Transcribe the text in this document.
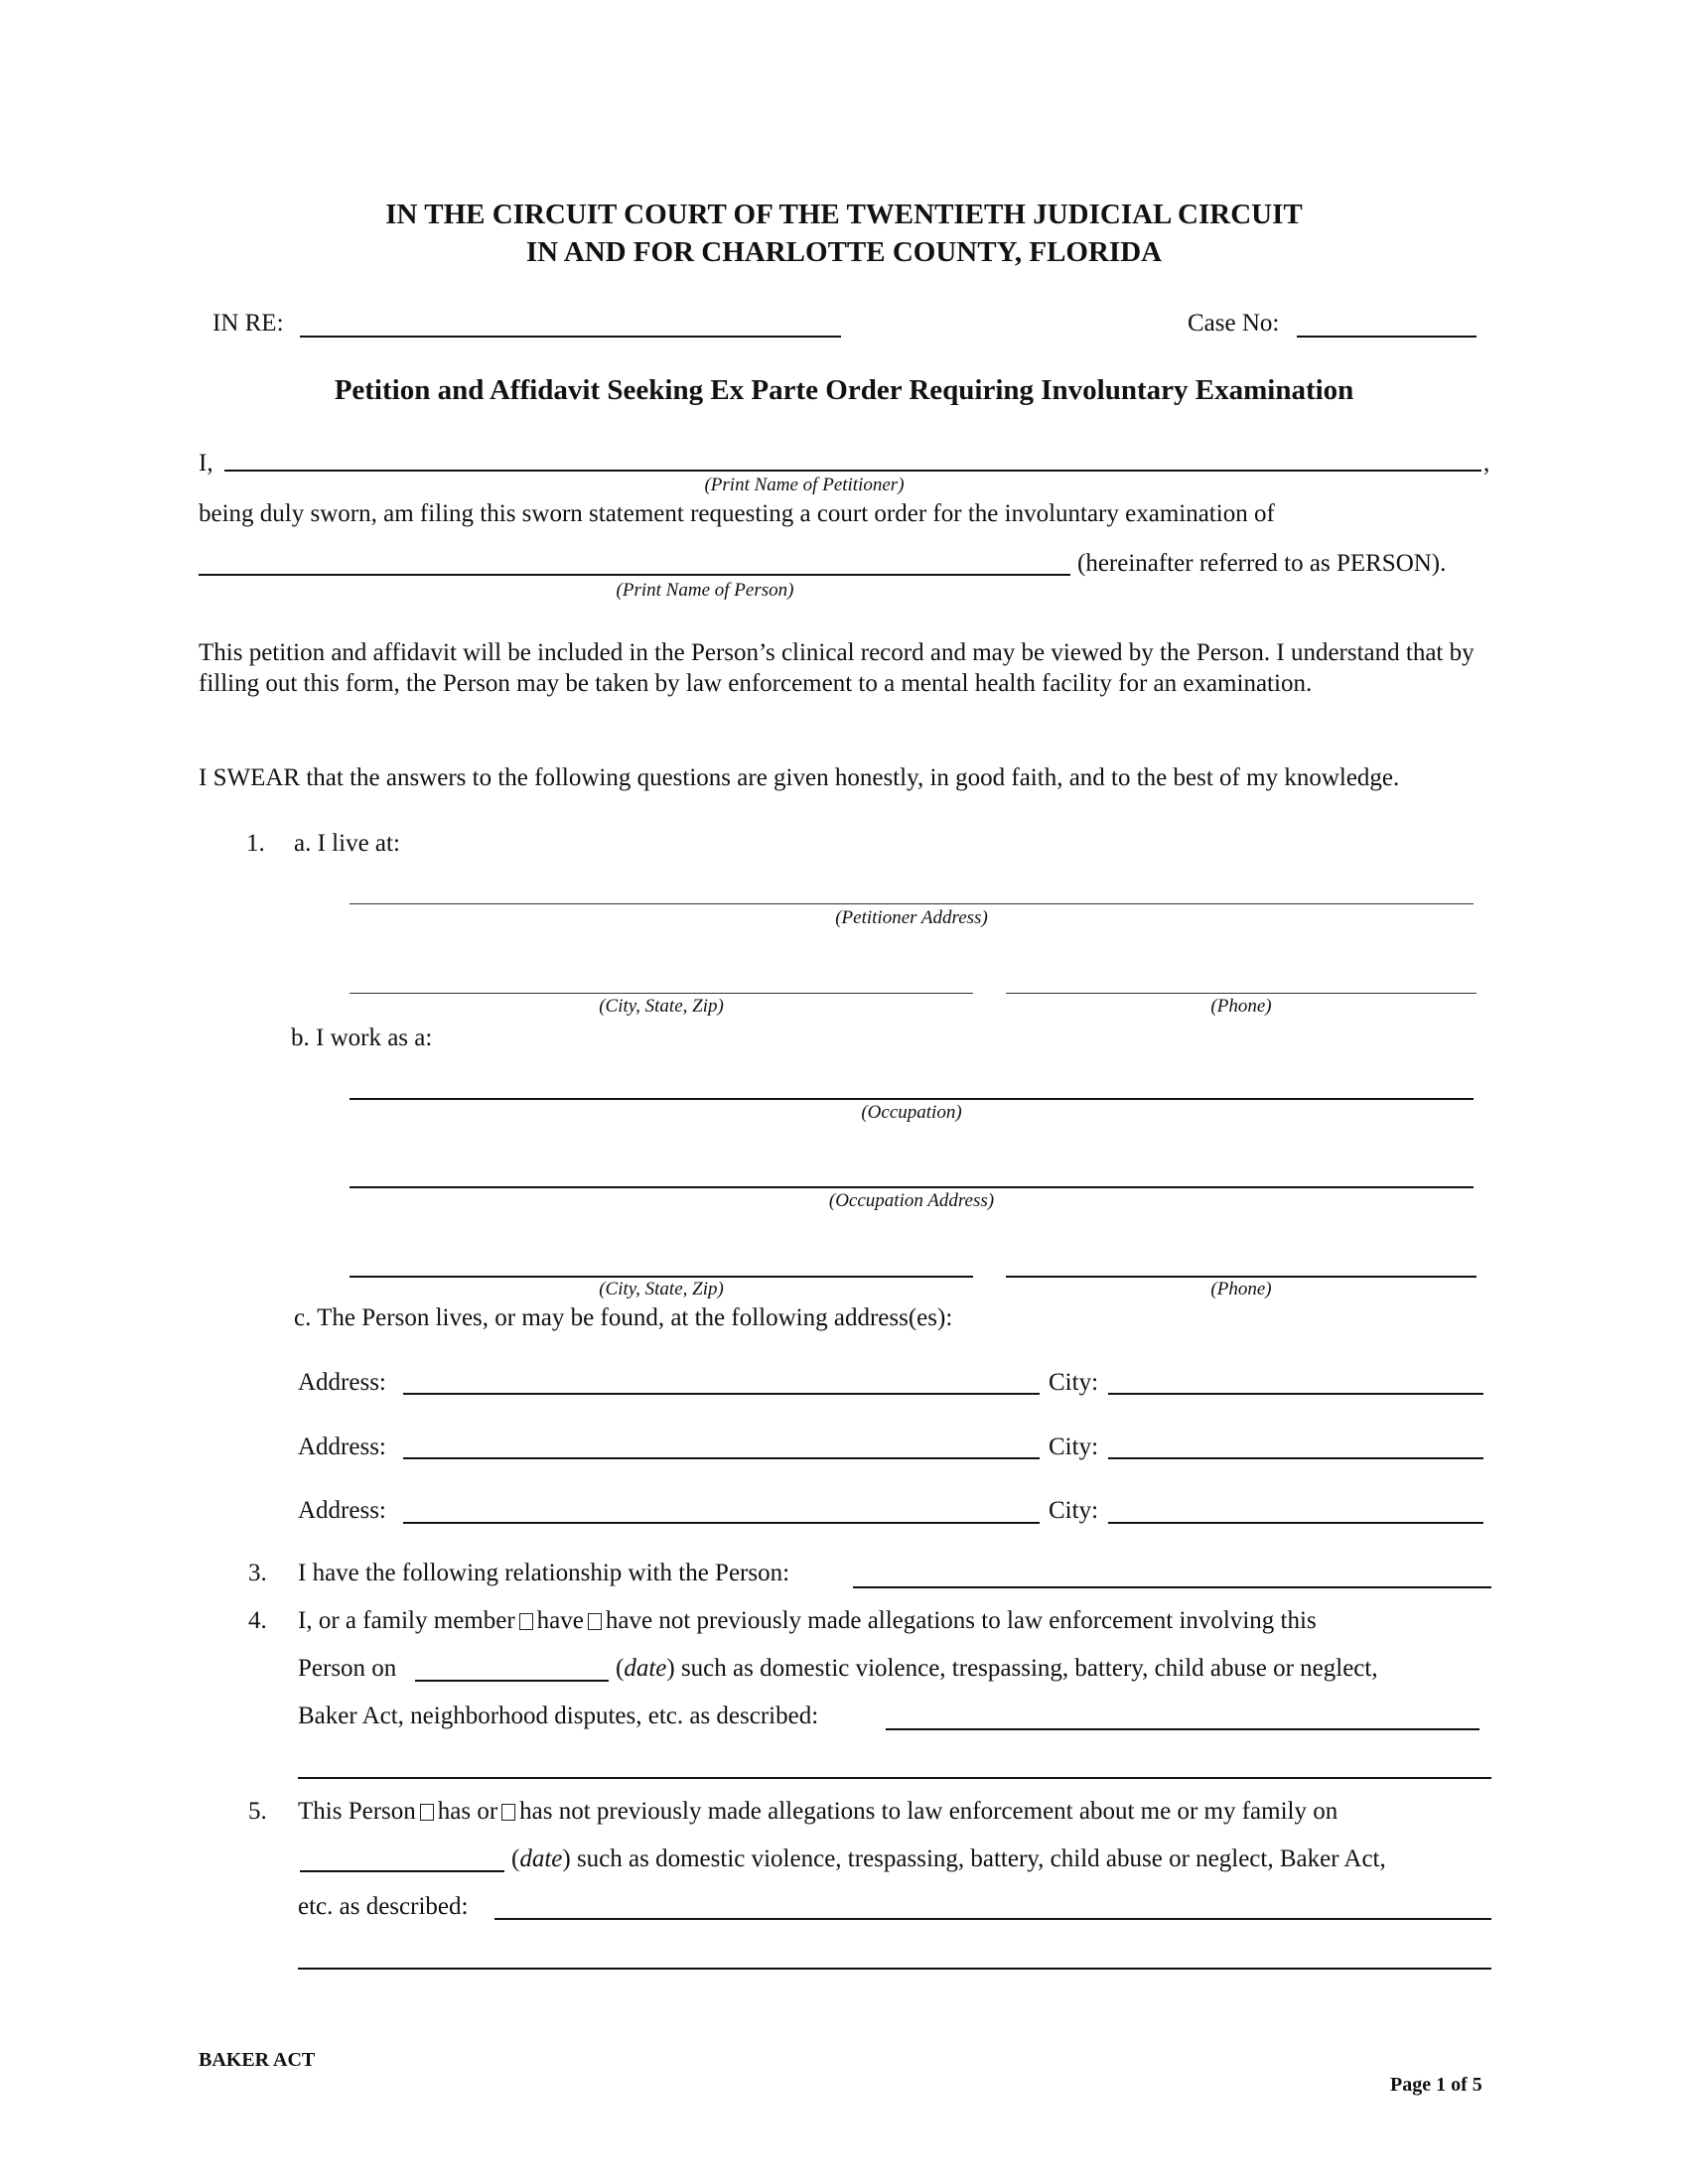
IN THE CIRCUIT COURT OF THE TWENTIETH JUDICIAL CIRCUIT
IN AND FOR CHARLOTTE COUNTY, FLORIDA
IN RE:	Case No:
Petition and Affidavit Seeking Ex Parte Order Requiring Involuntary Examination
I,	,
(Print Name of Petitioner)
being duly sworn, am filing this sworn statement requesting a court order for the involuntary examination of
(hereinafter referred to as PERSON).
(Print Name of Person)
This petition and affidavit will be included in the Person’s clinical record and may be viewed by the Person. I understand that by filling out this form, the Person may be taken by law enforcement to a mental health facility for an examination.
I SWEAR that the answers to the following questions are given honestly, in good faith, and to the best of my knowledge.
1. a. I live at:
(Petitioner Address)
(City, State, Zip)	(Phone)
b. I work as a:
(Occupation)
(Occupation Address)
(City, State, Zip)	(Phone)
c. The Person lives, or may be found, at the following address(es):
Address:	City:
Address:	City:
Address:	City:
3. I have the following relationship with the Person:
4. I, or a family member have have not previously made allegations to law enforcement involving this
Person on	(date) such as domestic violence, trespassing, battery, child abuse or neglect,
Baker Act, neighborhood disputes, etc. as described:
5. This Person has or has not previously made allegations to law enforcement about me or my family on
(date) such as domestic violence, trespassing, battery, child abuse or neglect, Baker Act,
etc. as described:
BAKER ACT
Page 1 of 5
